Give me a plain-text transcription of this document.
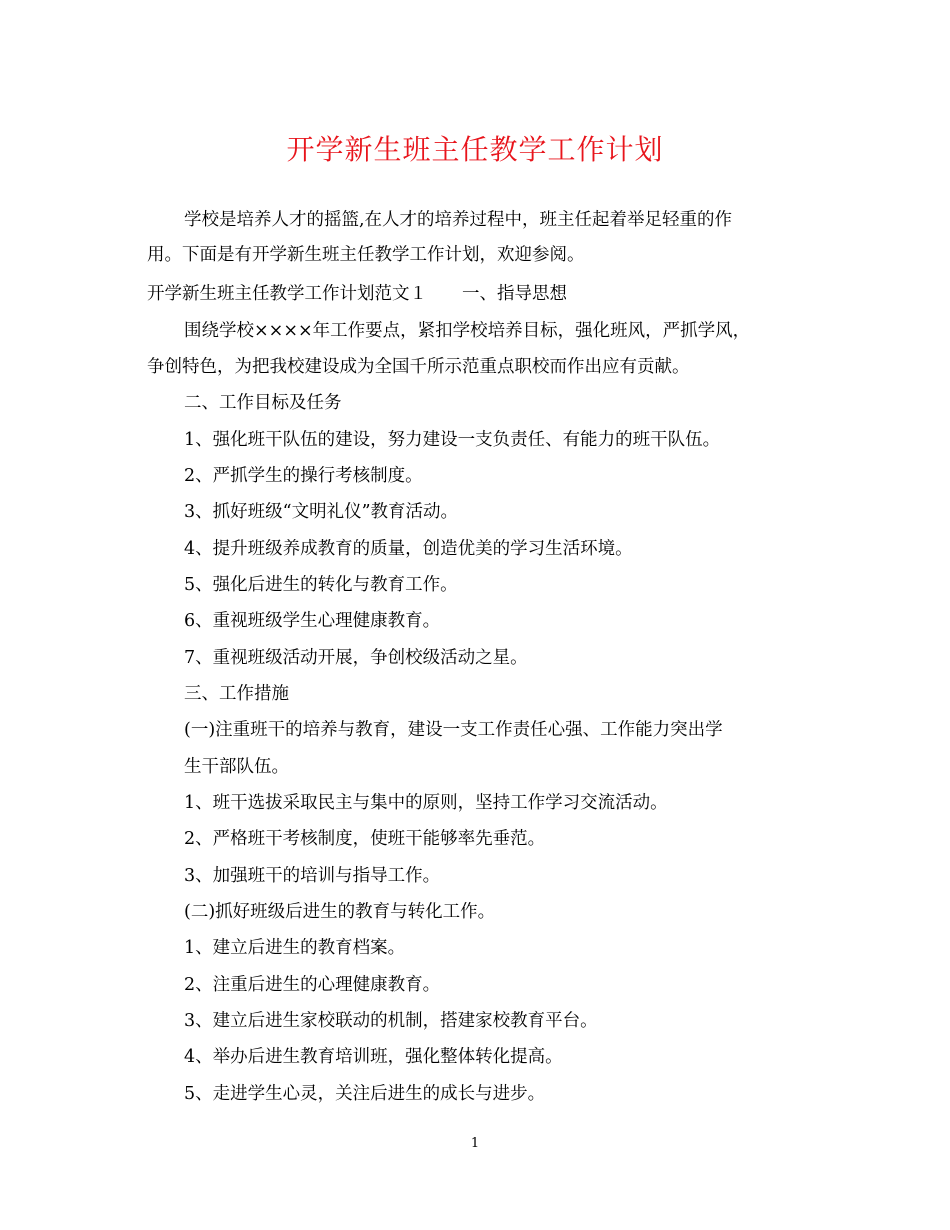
开学新生班主任教学工作计划
学校是培养人才的摇篮,在人才的培养过程中，班主任起着举足轻重的作
用。下面是有开学新生班主任教学工作计划，欢迎参阅。
开学新生班主任教学工作计划范文１　　一、指导思想
围绕学校××××年工作要点，紧扣学校培养目标，强化班风，严抓学风，
争创特色，为把我校建设成为全国千所示范重点职校而作出应有贡献。
二、工作目标及任务
1、强化班干队伍的建设，努力建设一支负责任、有能力的班干队伍。
2、严抓学生的操行考核制度。
3、抓好班级“文明礼仪”教育活动。
4、提升班级养成教育的质量，创造优美的学习生活环境。
5、强化后进生的转化与教育工作。
6、重视班级学生心理健康教育。
7、重视班级活动开展，争创校级活动之星。
三、工作措施
(一)注重班干的培养与教育，建设一支工作责任心强、工作能力突出学
生干部队伍。
1、班干选拔采取民主与集中的原则，坚持工作学习交流活动。
2、严格班干考核制度，使班干能够率先垂范。
3、加强班干的培训与指导工作。
(二)抓好班级后进生的教育与转化工作。
1、建立后进生的教育档案。
2、注重后进生的心理健康教育。
3、建立后进生家校联动的机制，搭建家校教育平台。
4、举办后进生教育培训班，强化整体转化提高。
5、走进学生心灵，关注后进生的成长与进步。
1
